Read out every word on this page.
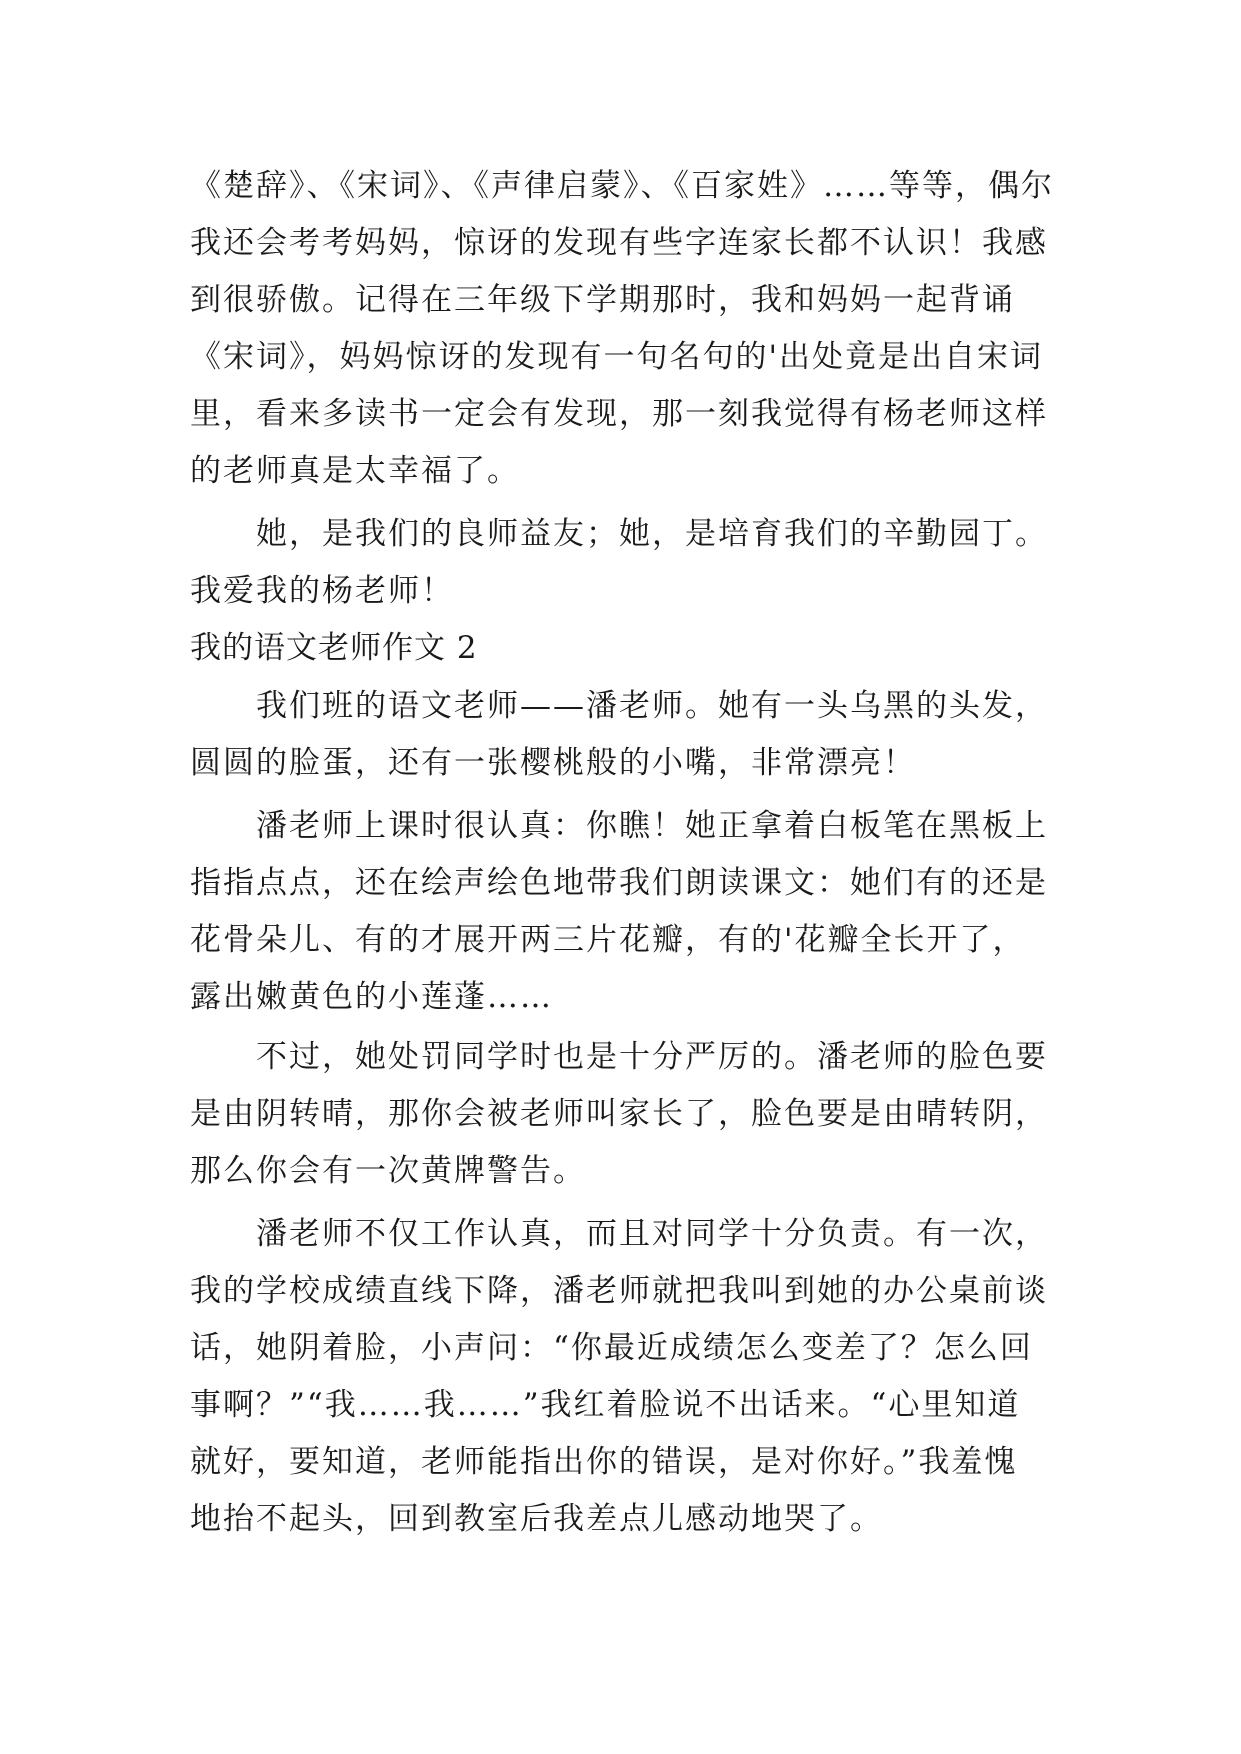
《楚辞》、《宋词》、《声律启蒙》、《百家姓》……等等，偶尔
我还会考考妈妈，惊讶的发现有些字连家长都不认识！我感
到很骄傲。记得在三年级下学期那时，我和妈妈一起背诵
《宋词》，妈妈惊讶的发现有一句名句的'出处竟是出自宋词
里，看来多读书一定会有发现，那一刻我觉得有杨老师这样
的老师真是太幸福了。
她，是我们的良师益友；她，是培育我们的辛勤园丁。
我爱我的杨老师！
我的语文老师作文 2
我们班的语文老师——潘老师。她有一头乌黑的头发，
圆圆的脸蛋，还有一张樱桃般的小嘴，非常漂亮！
潘老师上课时很认真：你瞧！她正拿着白板笔在黑板上
指指点点，还在绘声绘色地带我们朗读课文：她们有的还是
花骨朵儿、有的才展开两三片花瓣，有的'花瓣全长开了，
露出嫩黄色的小莲蓬……
不过，她处罚同学时也是十分严厉的。潘老师的脸色要
是由阴转晴，那你会被老师叫家长了，脸色要是由晴转阴，
那么你会有一次黄牌警告。
潘老师不仅工作认真，而且对同学十分负责。有一次，
我的学校成绩直线下降，潘老师就把我叫到她的办公桌前谈
话，她阴着脸，小声问：“你最近成绩怎么变差了？怎么回
事啊？”“我……我……”我红着脸说不出话来。“心里知道
就好，要知道，老师能指出你的错误，是对你好。”我羞愧
地抬不起头，回到教室后我差点儿感动地哭了。
